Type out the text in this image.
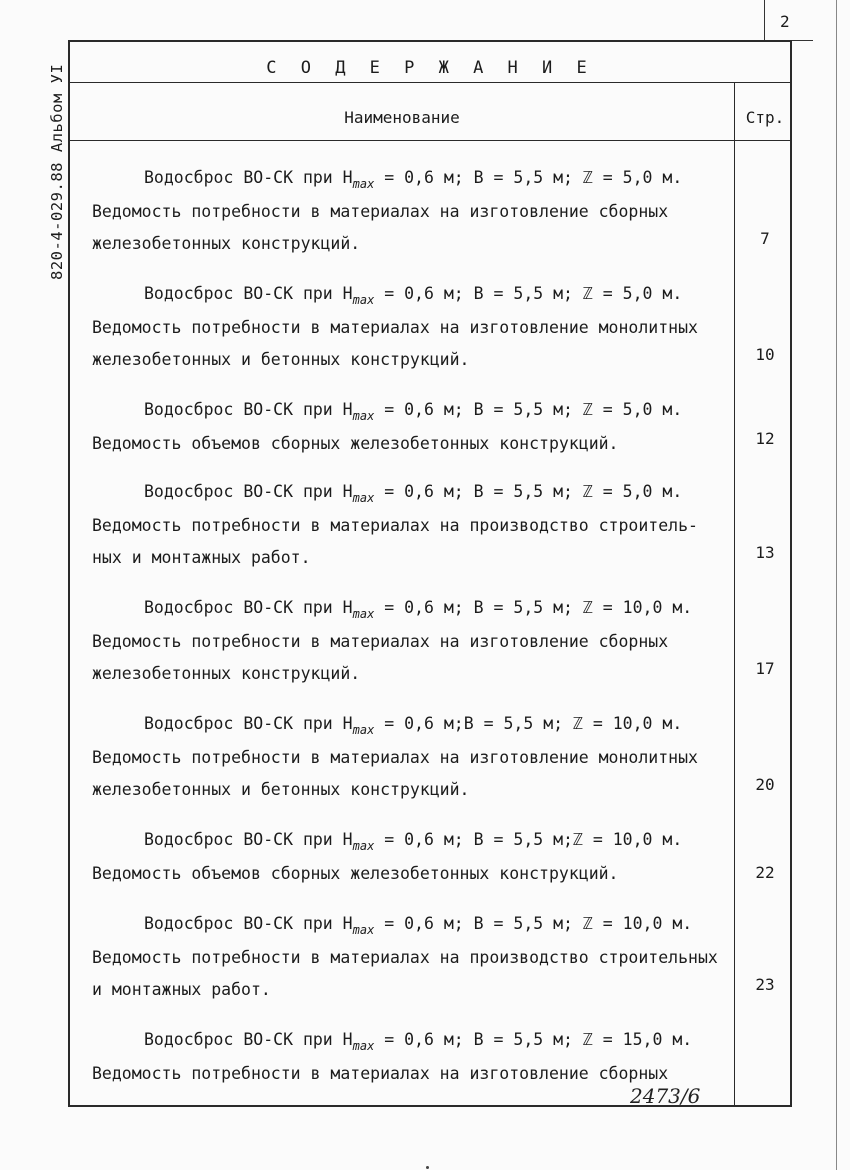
2
820-4-029.88 Альбом УI	С О Д Е Р Ж А Н И Е
Наименование	Стр.
Водосброс ВО-СК при $Н_{max} = 0,6$ м; В = 5,5 м; ℤ = 5,0 м.
Ведомость потребности в материалах на изготовление сборных
железобетонных конструкций.	7
Водосброс ВО-СК при $Н_{max} = 0,6$ м; В = 5,5 м; ℤ = 5,0 м.
Ведомость потребности в материалах на изготовление монолитных
железобетонных и бетонных конструкций.	10
Водосброс ВО-СК при $Н_{max} = 0,6$ м; В = 5,5 м; ℤ = 5,0 м.
Ведомость объемов сборных железобетонных конструкций.	12
Водосброс ВО-СК при $Н_{max} = 0,6$ м; В = 5,5 м; ℤ = 5,0 м.
Ведомость потребности в материалах на производство строитель-
ных и монтажных работ.	13
Водосброс ВО-СК при $Н_{max} = 0,6$ м; В = 5,5 м; ℤ = 10,0 м.
Ведомость потребности в материалах на изготовление сборных
железобетонных конструкций.	17
Водосброс ВО-СК при $Н_{max} = 0,6$ м;В = 5,5 м; ℤ = 10,0 м.
Ведомость потребности в материалах на изготовление монолитных
железобетонных и бетонных конструкций.	20
Водосброс ВО-СК при $Н_{max} = 0,6$ м; В = 5,5 м;ℤ = 10,0 м.
Ведомость объемов сборных железобетонных конструкций.	22
Водосброс ВО-СК при $Н_{max} = 0,6$ м; В = 5,5 м; ℤ = 10,0 м.
Ведомость потребности в материалах на производство строительных
и монтажных работ.	23
Водосброс ВО-СК при $Н_{max} = 0,6$ м; В = 5,5 м; ℤ = 15,0 м.
Ведомость потребности в материалах на изготовление сборных
2473/6
